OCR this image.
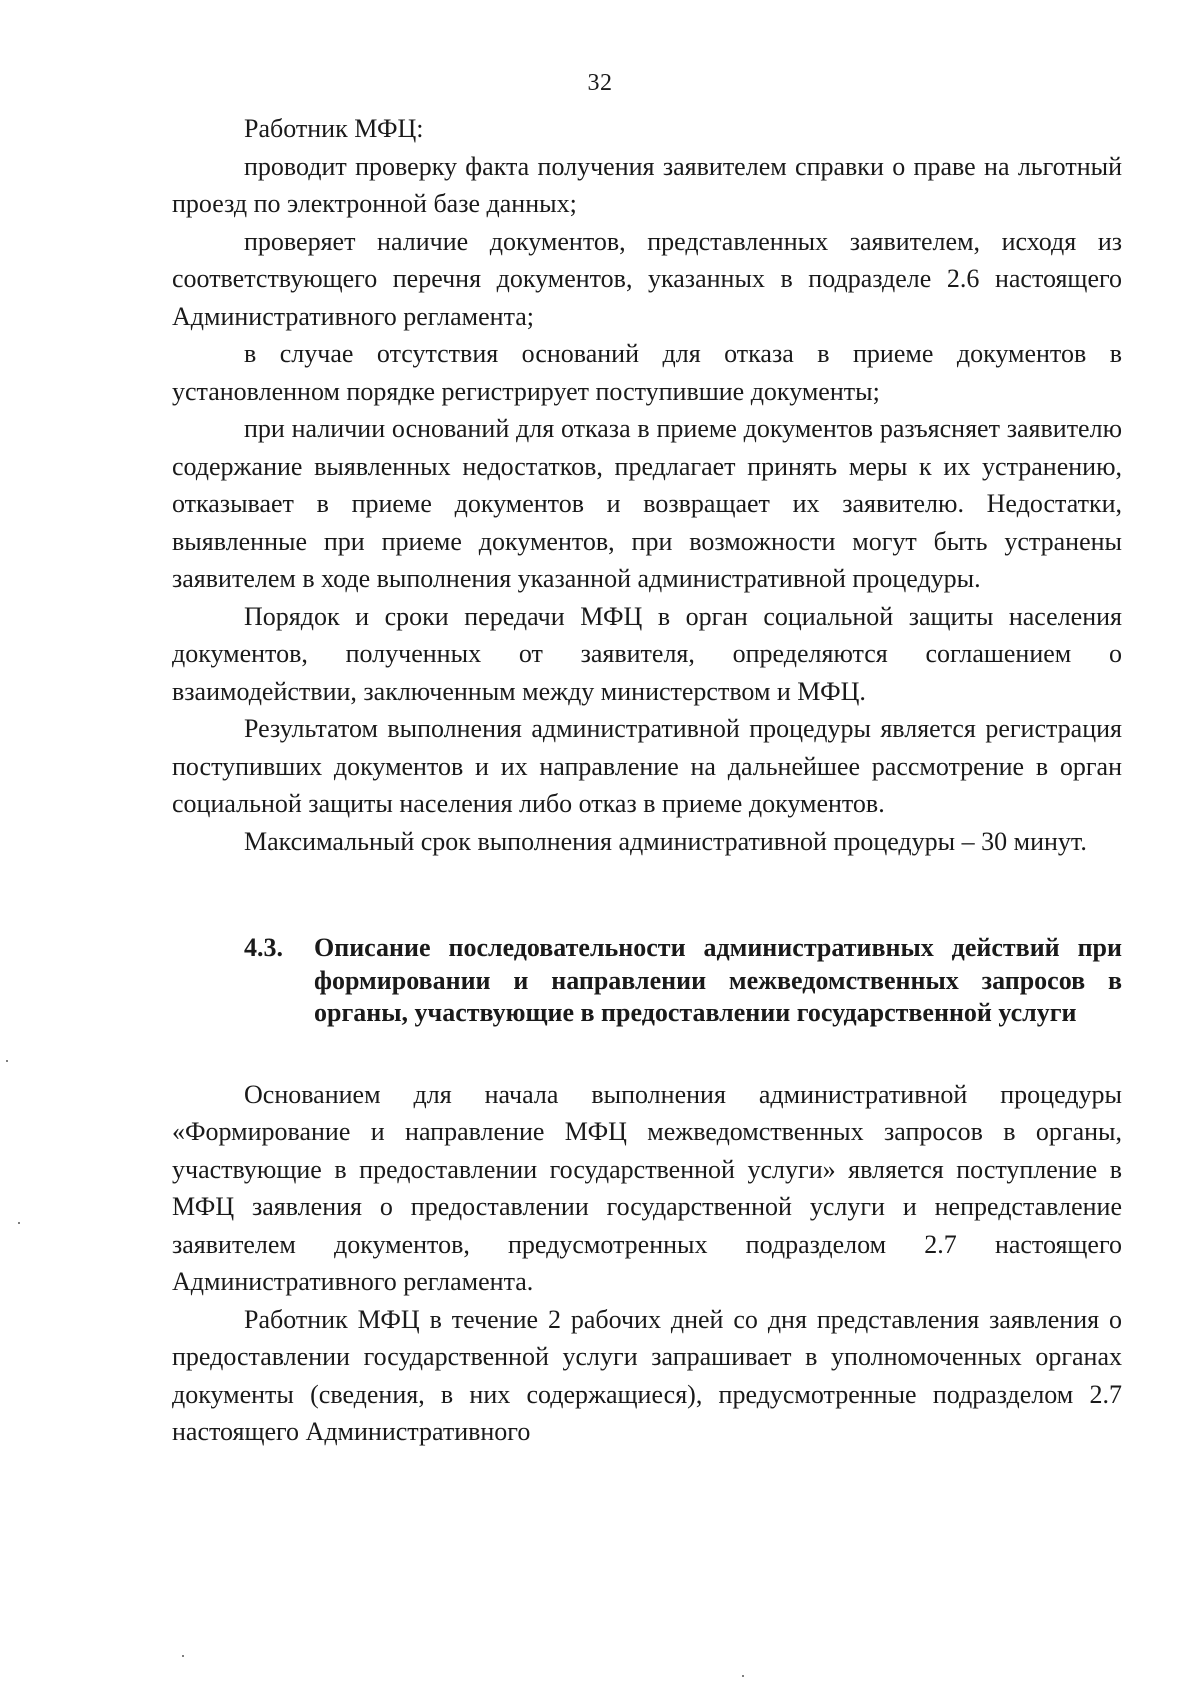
32

Работник МФЦ:

проводит проверку факта получения заявителем справки о праве на льготный проезд по электронной базе данных;

проверяет наличие документов, представленных заявителем, исходя из соответствующего перечня документов, указанных в подразделе 2.6 настоящего Административного регламента;

в случае отсутствия оснований для отказа в приеме документов в установленном порядке регистрирует поступившие документы;

при наличии оснований для отказа в приеме документов разъясняет заявителю содержание выявленных недостатков, предлагает принять меры к их устранению, отказывает в приеме документов и возвращает их заявителю. Недостатки, выявленные при приеме документов, при возможности могут быть устранены заявителем в ходе выполнения указанной административной процедуры.

Порядок и сроки передачи МФЦ в орган социальной защиты населения документов, полученных от заявителя, определяются соглашением о взаимодействии, заключенным между министерством и МФЦ.

Результатом выполнения административной процедуры является регистрация поступивших документов и их направление на дальнейшее рассмотрение в орган социальной защиты населения либо отказ в приеме документов.

Максимальный срок выполнения административной процедуры – 30 минут.

4.3.	Описание последовательности административных действий при формировании и направлении межведомственных запросов в органы, участвующие в предоставлении государственной услуги

Основанием для начала выполнения административной процедуры «Формирование и направление МФЦ межведомственных запросов в органы, участвующие в предоставлении государственной услуги» является поступление в МФЦ заявления о предоставлении государственной услуги и непредставление заявителем документов, предусмотренных подразделом 2.7 настоящего Административного регламента.

Работник МФЦ в течение 2 рабочих дней со дня представления заявления о предоставлении государственной услуги запрашивает в уполномоченных органах документы (сведения, в них содержащиеся), предусмотренные подразделом 2.7 настоящего Административного
